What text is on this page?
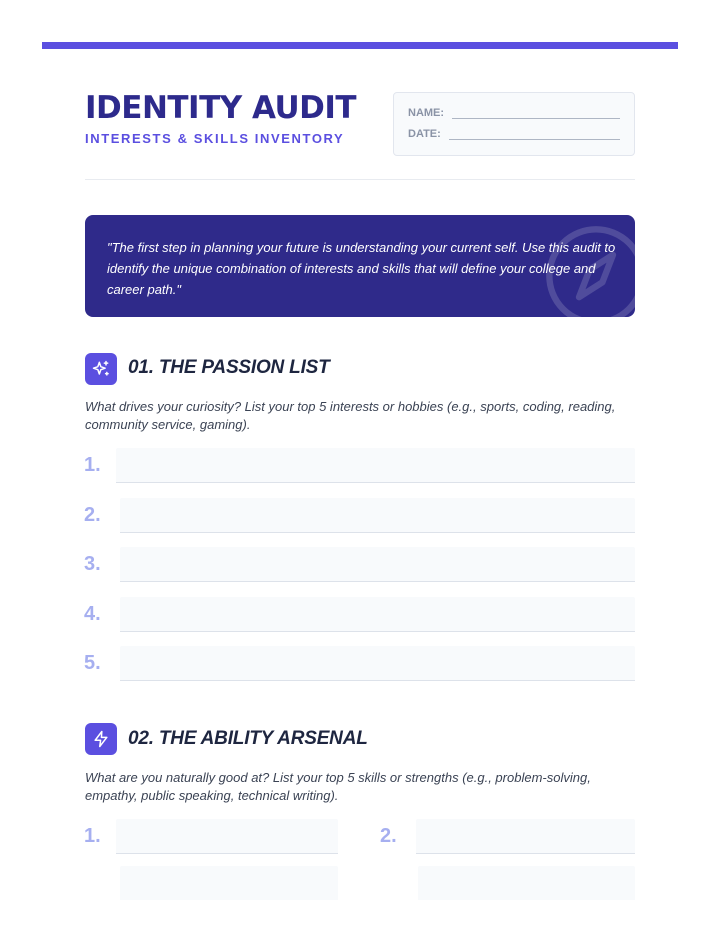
IDENTITY AUDIT
INTERESTS & SKILLS INVENTORY
NAME:
DATE:

"The first step in planning your future is understanding your current self. Use this audit to identify the unique combination of interests and skills that will define your college and career path."

01. THE PASSION LIST

What drives your curiosity? List your top 5 interests or hobbies (e.g., sports, coding, reading, community service, gaming).

1.
2.
3.
4.
5.
02. THE ABILITY ARSENAL

What are you naturally good at? List your top 5 skills or strengths (e.g., problem-solving, empathy, public speaking, technical writing).

1.	2.
